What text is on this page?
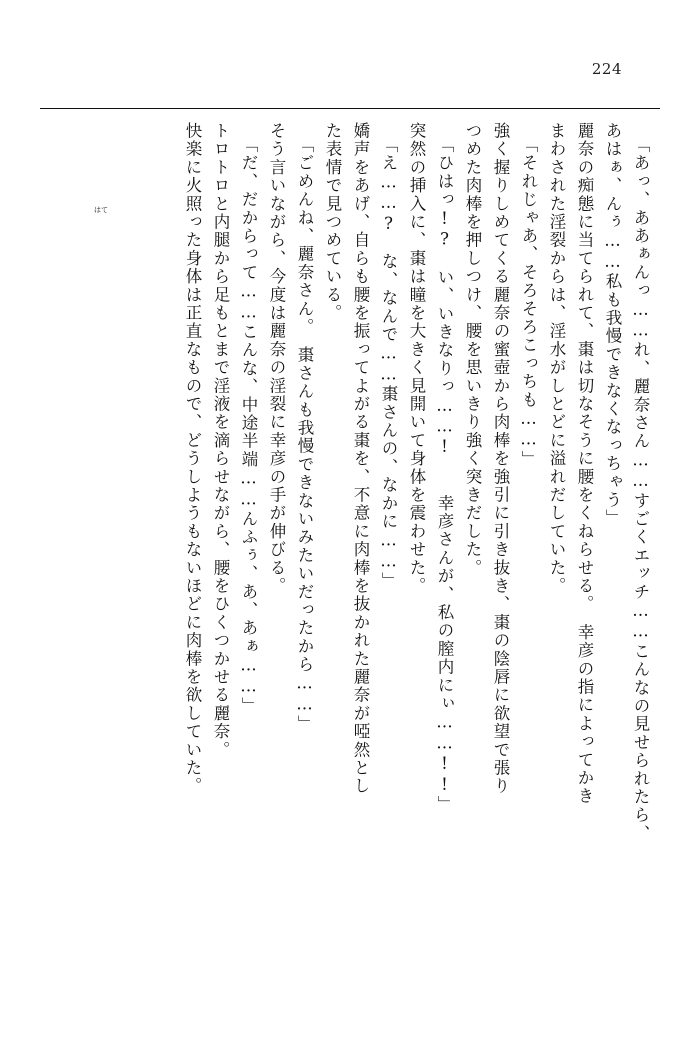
224
「あっ、ああぁんっ……れ、麗奈さん……すごくエッチ……こんなの見せられたら、
あはぁ、んぅ……私も我慢できなくなっちゃう」
麗奈の痴態に当てられて、棗は切なそうに腰をくねらせる。　幸彦の指によってかき
まわされた淫裂からは、淫水がしとどに溢れだしていた。
「それじゃあ、そろそろこっちも……」
強く握りしめてくる麗奈の蜜壺から肉棒を強引に引き抜き、棗の陰唇に欲望で張り
つめた肉棒を押しつけ、腰を思いきり強く突きだした。
「ひはっ!?　い、いきなりっ……!　　幸彦さんが、私の膣内にぃ……!!」
突然の挿入に、棗は瞳を大きく見開いて身体を震わせた。
「え……?　な、なんで……棗さんの、なかに……」
嬌声をあげ、自らも腰を振ってよがる棗を、不意に肉棒を抜かれた麗奈が啞然とし
た表情で見つめている。
「ごめんね、麗奈さん。　棗さんも我慢できないみたいだったから……」
そう言いながら、今度は麗奈の淫裂に幸彦の手が伸びる。
「だ、だからって……こんな、中途半端……んふぅ、あ、あぁ……」
トロトロと内腿から足もとまで淫液を滴らせながら、腰をひくつかせる麗奈。
快楽に火照った身体は正直なもので、どうしようもないほどに肉棒を欲していた。
はて
